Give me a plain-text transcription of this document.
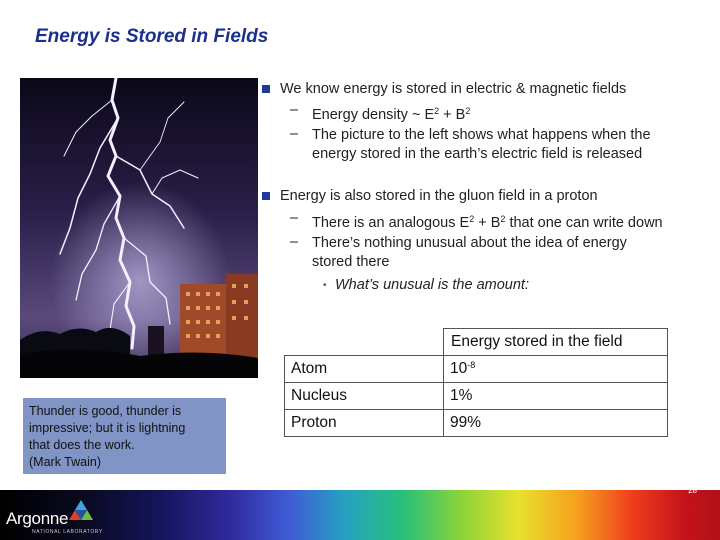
Energy is Stored in Fields
Thunder is good, thunder is
impressive; but it is lightning
that does the work.
(Mark Twain)
We know energy is stored in electric & magnetic fields
– Energy density ~ $E^2 + B^2$
– The picture to the left shows what happens when the
energy stored in the earth’s electric field is released
Energy is also stored in the gluon field in a proton
– There is an analogous $E^2 + B^2$ that one can write down
– There’s nothing unusual about the idea of energy
stored there
• What’s unusual is the amount:
	Energy stored in the field
Atom	$10^{-8}$
Nucleus	1%
Proton	99%
Argonne
NATIONAL LABORATORY
28
